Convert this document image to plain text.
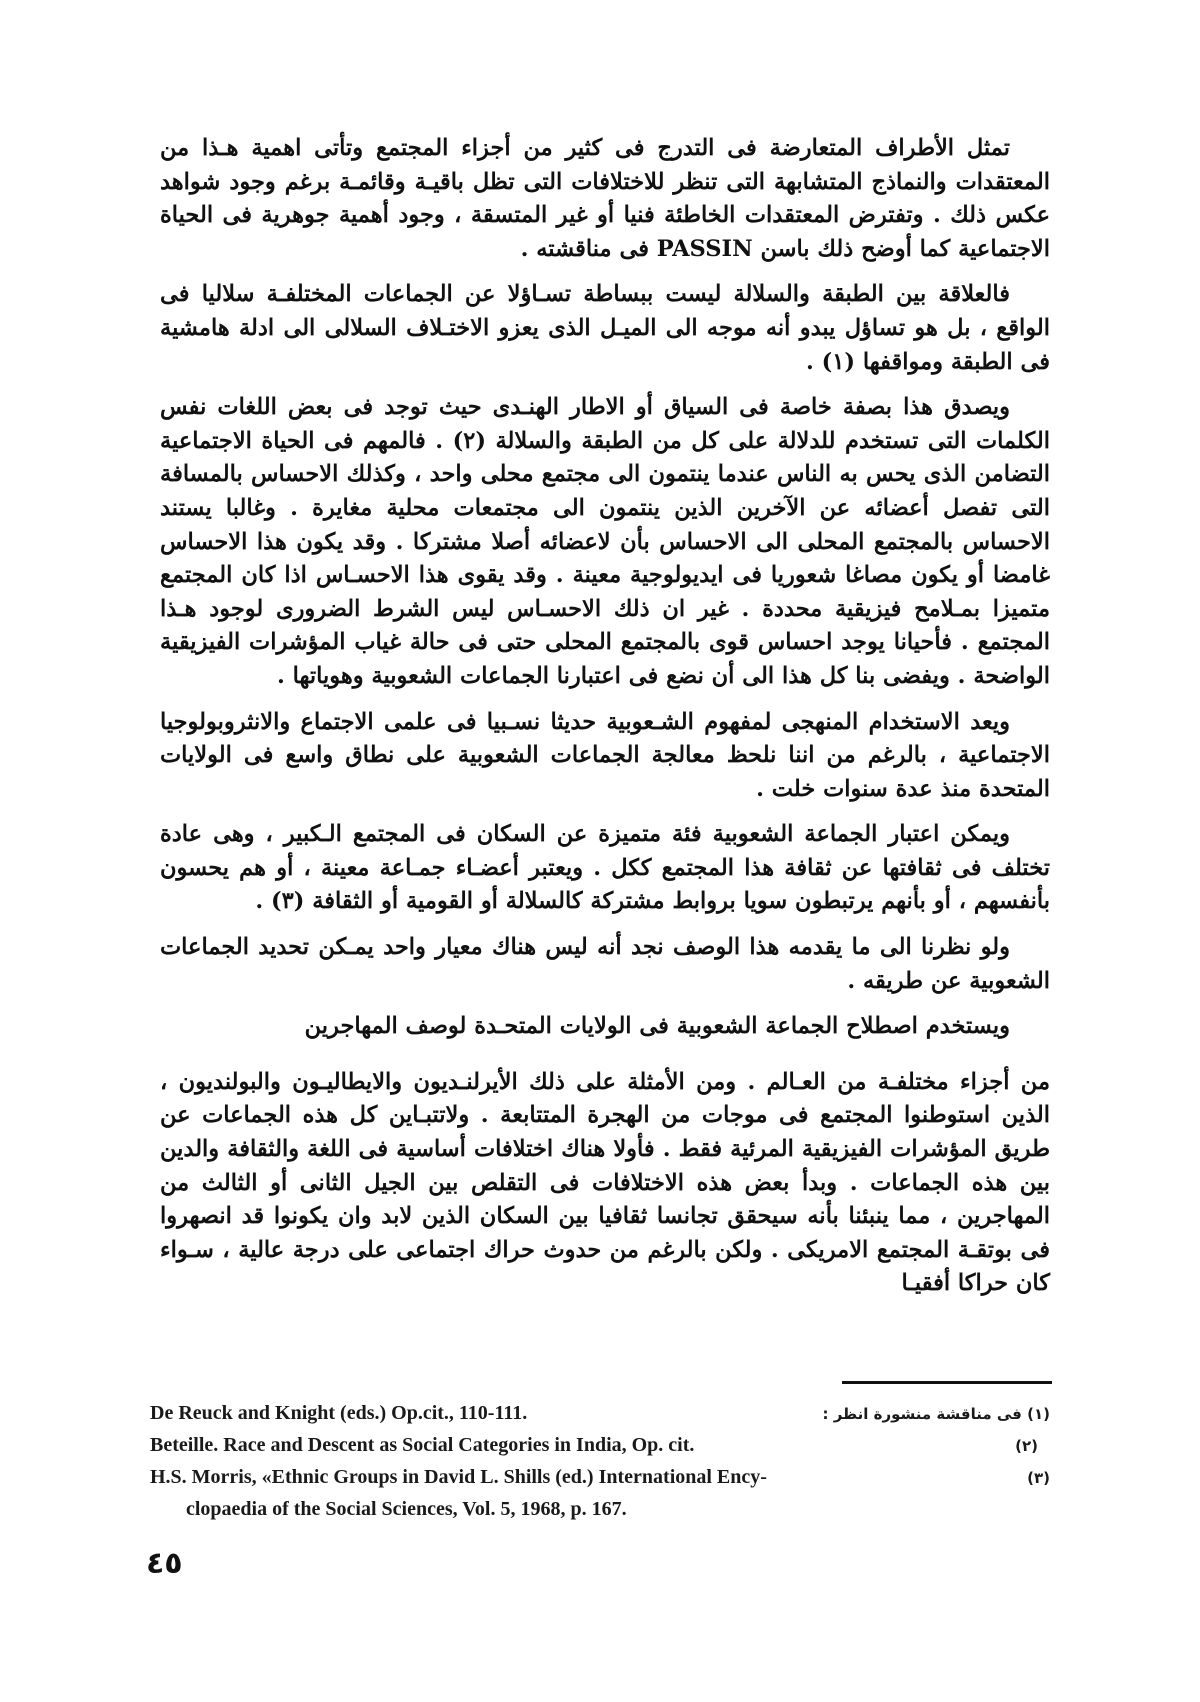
تمثل الأطراف المتعارضة فى التدرج فى كثير من أجزاء المجتمع وتأتى اهمية هـذا من المعتقدات والنماذج المتشابهة التى تنظر للاختلافات التى تظل باقيـة وقائمـة برغم وجود شواهد عكس ذلك . وتفترض المعتقدات الخاطئة فنيا أو غير المتسقة ، وجود أهمية جوهرية فى الحياة الاجتماعية كما أوضح ذلك باسن PASSIN فى مناقشته .

فالعلاقة بين الطبقة والسلالة ليست ببساطة تسـاؤلا عن الجماعات المختلفـة سلاليا فى الواقع ، بل هو تساؤل يبدو أنه موجه الى الميـل الذى يعزو الاختـلاف السلالى الى ادلة هامشية فى الطبقة ومواقفها (١) .

ويصدق هذا بصفة خاصة فى السياق أو الاطار الهنـدى حيث توجد فى بعض اللغات نفس الكلمات التى تستخدم للدلالة على كل من الطبقة والسلالة (٢) . فالمهم فى الحياة الاجتماعية التضامن الذى يحس به الناس عندما ينتمون الى مجتمع محلى واحد ، وكذلك الاحساس بالمسافة التى تفصل أعضائه عن الآخرين الذين ينتمون الى مجتمعات محلية مغايرة . وغالبا يستند الاحساس بالمجتمع المحلى الى الاحساس بأن لاعضائه أصلا مشتركا . وقد يكون هذا الاحساس غامضا أو يكون مصاغا شعوريا فى ايديولوجية معينة . وقد يقوى هذا الاحسـاس اذا كان المجتمع متميزا بمـلامح فيزيقية محددة . غير ان ذلك الاحسـاس ليس الشرط الضرورى لوجود هـذا المجتمع . فأحيانا يوجد احساس قوى بالمجتمع المحلى حتى فى حالة غياب المؤشرات الفيزيقية الواضحة . ويفضى بنا كل هذا الى أن نضع فى اعتبارنا الجماعات الشعوبية وهوياتها .

ويعد الاستخدام المنهجى لمفهوم الشـعوبية حديثا نسـبيا فى علمى الاجتماع والانثروبولوجيا الاجتماعية ، بالرغم من اننا نلحظ معالجة الجماعات الشعوبية على نطاق واسع فى الولايات المتحدة منذ عدة سنوات خلت .

ويمكن اعتبار الجماعة الشعوبية فئة متميزة عن السكان فى المجتمع الـكبير ، وهى عادة تختلف فى ثقافتها عن ثقافة هذا المجتمع ككل . ويعتبر أعضـاء جمـاعة معينة ، أو هم يحسون بأنفسهم ، أو بأنهم يرتبطون سويا بروابط مشتركة كالسلالة أو القومية أو الثقافة (٣) .

ولو نظرنا الى ما يقدمه هذا الوصف نجد أنه ليس هناك معيار واحد يمـكن تحديد الجماعات الشعوبية عن طريقه .

ويستخدم اصطلاح الجماعة الشعوبية فى الولايات المتحـدة لوصف المهاجرين

من أجزاء مختلفـة من العـالم . ومن الأمثلة على ذلك الأيرلنـديون والايطاليـون والبولنديون ، الذين استوطنوا المجتمع فى موجات من الهجرة المتتابعة . ولاتتبـاين كل هذه الجماعات عن طريق المؤشرات الفيزيقية المرئية فقط . فأولا هناك اختلافات أساسية فى اللغة والثقافة والدين بين هذه الجماعات . وبدأ بعض هذه الاختلافات فى التقلص بين الجيل الثانى أو الثالث من المهاجرين ، مما ينبئنا بأنه سيحقق تجانسا ثقافيا بين السكان الذين لابد وان يكونوا قد انصهروا فى بوتقـة المجتمع الامريكى . ولكن بالرغم من حدوث حراك اجتماعى على درجة عالية ، سـواء كان حراكا أفقيـا

De Reuck and Knight (eds.) Op.cit., 110-111.	(١) فى مناقشة منشورة انظر :
Beteille. Race and Descent as Social Categories in India, Op. cit.	(٢)
H.S. Morris, «Ethnic Groups in David L. Shills (ed.) International Ency-	(٣)
clopaedia of the Social Sciences, Vol. 5, 1968, p. 167.
٤٥
